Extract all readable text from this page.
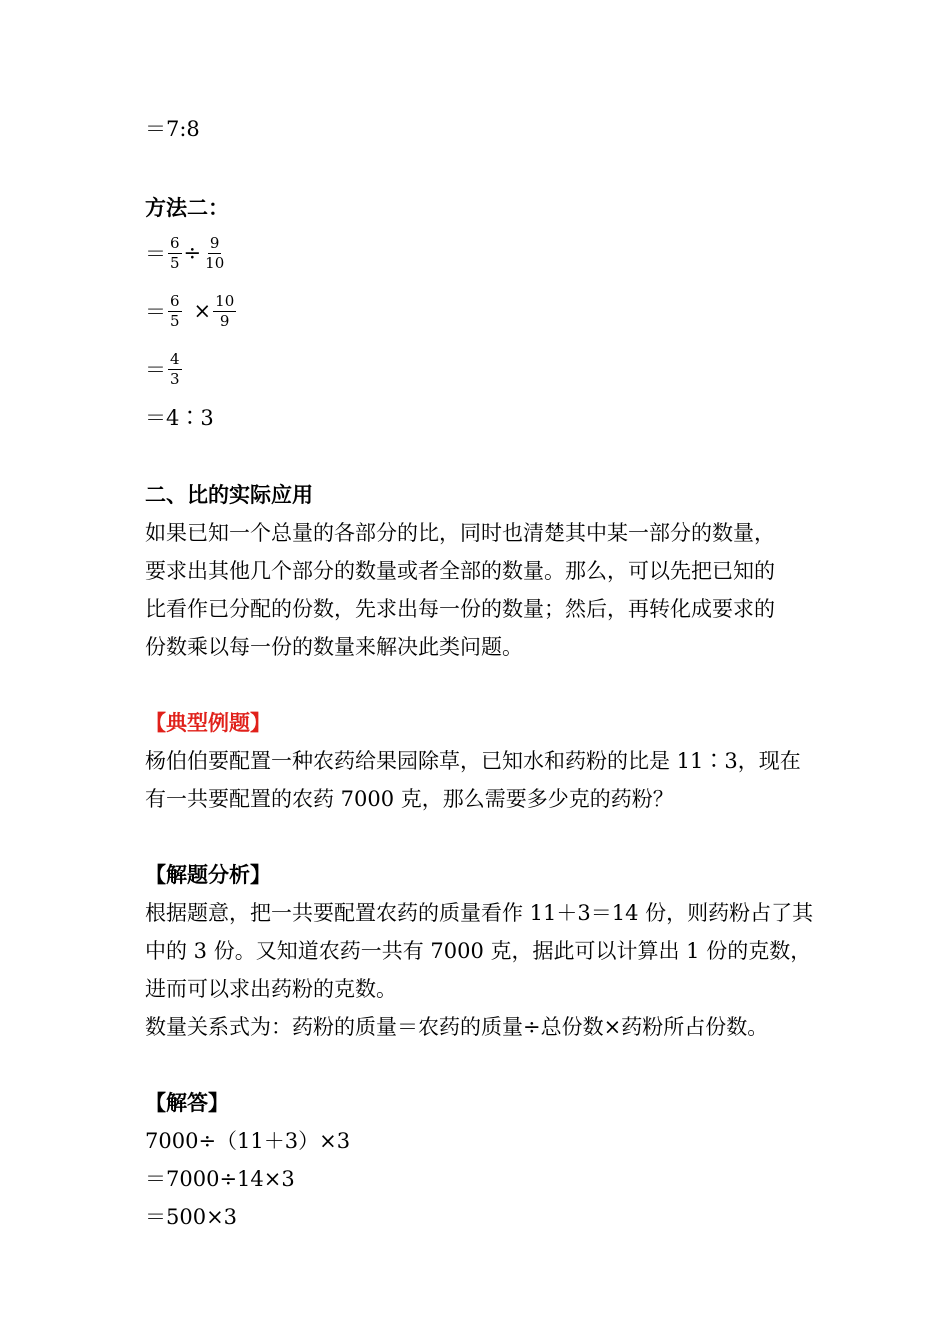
＝7:8
方法二：
＝ $\frac{6}{5} \div \frac{9}{10}$
＝ $\frac{6}{5} \times \frac{10}{9}$
＝ $\frac{4}{3}$
＝4∶3
二、比的实际应用
如果已知一个总量的各部分的比，同时也清楚其中某一部分的数量，
要求出其他几个部分的数量或者全部的数量。那么，可以先把已知的
比看作已分配的份数，先求出每一份的数量；然后，再转化成要求的
份数乘以每一份的数量来解决此类问题。
【典型例题】
杨伯伯要配置一种农药给果园除草，已知水和药粉的比是 11∶3，现在
有一共要配置的农药 7000 克，那么需要多少克的药粉？
【解题分析】
根据题意，把一共要配置农药的质量看作 11＋3＝14 份，则药粉占了其
中的 3 份。又知道农药一共有 7000 克，据此可以计算出 1 份的克数，
进而可以求出药粉的克数。
数量关系式为：药粉的质量＝农药的质量÷总份数×药粉所占份数。
【解答】
7000÷（11＋3）×3
＝7000÷14×3
＝500×3
